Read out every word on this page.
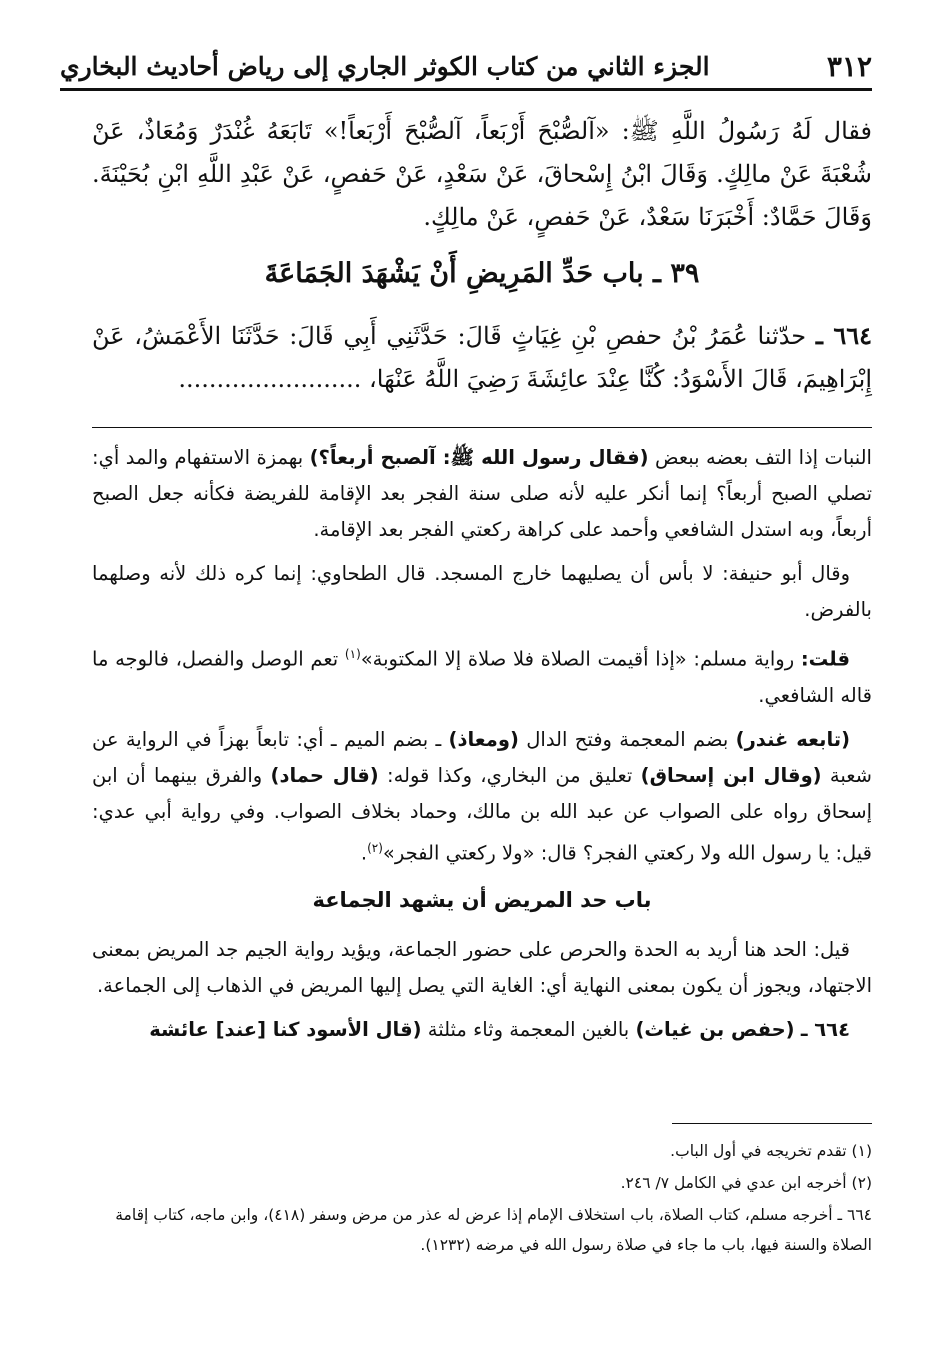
٣١٢
الجزء الثاني من كتاب الكوثر الجاري إلى رياض أحاديث البخاري
فقال لَهُ رَسُولُ اللَّهِ ﷺ: «آلصُّبْحَ أَرْبَعاً، آلصُّبْحَ أَرْبَعاً!» تَابَعَهُ غُنْدَرٌ وَمُعَاذٌ، عَنْ شُعْبَةَ عَنْ مالِكٍ. وَقَالَ ابْنُ إِسْحاقَ، عَنْ سَعْدٍ، عَنْ حَفصٍ، عَنْ عَبْدِ اللَّهِ ابْنِ بُحَيْنَةَ. وَقَالَ حَمَّادٌ: أَخْبَرَنَا سَعْدٌ، عَنْ حَفصٍ، عَنْ مالِكٍ.
٣٩ ـ باب حَدِّ المَرِيضِ أَنْ يَشْهَدَ الجَمَاعَةَ
٦٦٤ ـ حدّثنا عُمَرُ بْنُ حفصِ بْنِ غِيَاثٍ قَالَ: حَدَّثَنِي أَبِي قَالَ: حَدَّثَنَا الأَعْمَشُ، عَنْ إِبْرَاهِيمَ، قَالَ الأَسْوَدُ: كُنَّا عِنْدَ عائِشَةَ رَضِيَ اللَّهُ عَنْهَا، ........................

النبات إذا التف بعضه ببعض (فقال رسول الله ﷺ: آلصبح أربعاً؟) بهمزة الاستفهام والمد أي: تصلي الصبح أربعاً؟ إنما أنكر عليه لأنه صلى سنة الفجر بعد الإقامة للفريضة فكأنه جعل الصبح أربعاً، وبه استدل الشافعي وأحمد على كراهة ركعتي الفجر بعد الإقامة.

وقال أبو حنيفة: لا بأس أن يصليهما خارج المسجد. قال الطحاوي: إنما كره ذلك لأنه وصلهما بالفرض.

قلت: رواية مسلم: «إذا أقيمت الصلاة فلا صلاة إلا المكتوبة»$^{(١)}$ تعم الوصل والفصل، فالوجه ما قاله الشافعي.

(تابعه غندر) بضم المعجمة وفتح الدال (ومعاذ) ـ بضم الميم ـ أي: تابعاً بهزاً في الرواية عن شعبة (وقال ابن إسحاق) تعليق من البخاري، وكذا قوله: (قال حماد) والفرق بينهما أن ابن إسحاق رواه على الصواب عن عبد الله بن مالك، وحماد بخلاف الصواب. وفي رواية أبي عدي: قيل: يا رسول الله ولا ركعتي الفجر؟ قال: «ولا ركعتي الفجر»$^{(٢)}$.

باب حد المريض أن يشهد الجماعة

قيل: الحد هنا أريد به الحدة والحرص على حضور الجماعة، ويؤيد رواية الجيم جد المريض بمعنى الاجتهاد، ويجوز أن يكون بمعنى النهاية أي: الغاية التي يصل إليها المريض في الذهاب إلى الجماعة.

٦٦٤ ـ (حفص بن غياث) بالغين المعجمة وثاء مثلثة (قال الأسود كنا [عند] عائشة

(١) تقدم تخريجه في أول الباب.

(٢) أخرجه ابن عدي في الكامل ٧/ ٢٤٦.

٦٦٤ ـ أخرجه مسلم، كتاب الصلاة، باب استخلاف الإمام إذا عرض له عذر من مرض وسفر (٤١٨)، وابن ماجه، كتاب إقامة الصلاة والسنة فيها، باب ما جاء في صلاة رسول الله في مرضه (١٢٣٢).
